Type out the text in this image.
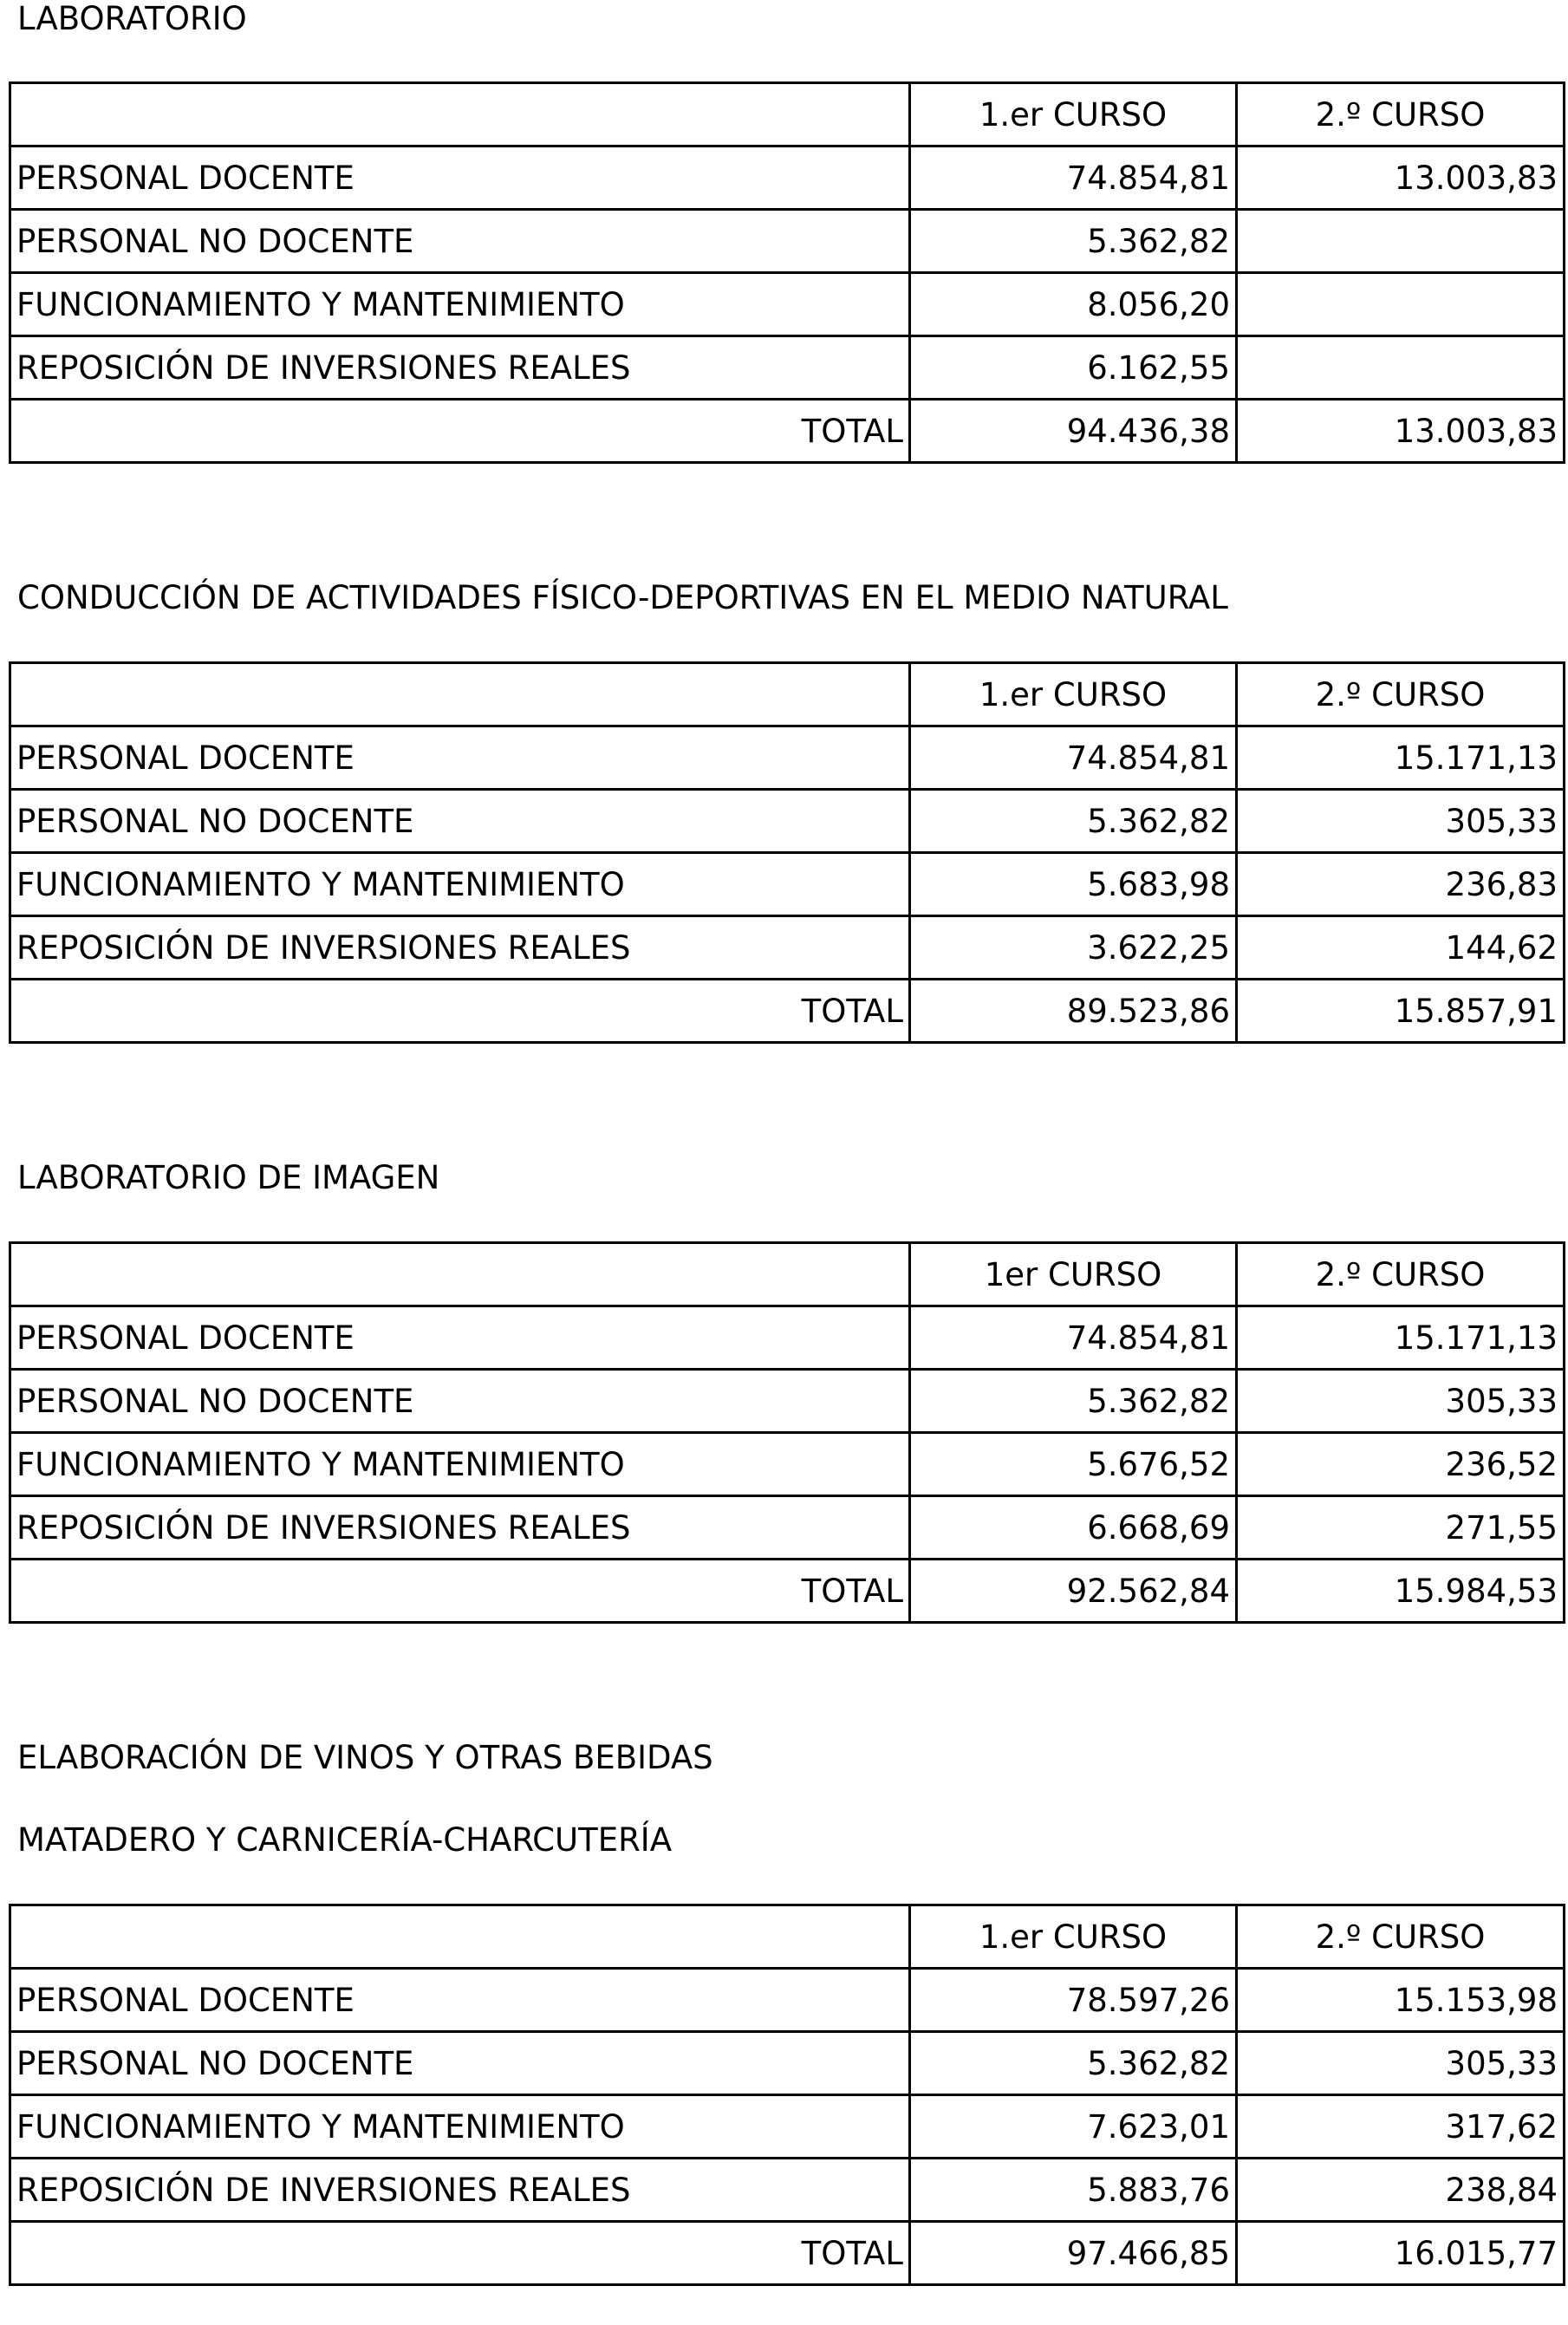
LABORATORIO
	1.er CURSO	2.º CURSO
PERSONAL DOCENTE	74.854,81	13.003,83
PERSONAL NO DOCENTE	5.362,82	
FUNCIONAMIENTO Y MANTENIMIENTO	8.056,20	
REPOSICIÓN DE INVERSIONES REALES	6.162,55	
TOTAL	94.436,38	13.003,83
CONDUCCIÓN DE ACTIVIDADES FÍSICO-DEPORTIVAS EN EL MEDIO NATURAL
	1.er CURSO	2.º CURSO
PERSONAL DOCENTE	74.854,81	15.171,13
PERSONAL NO DOCENTE	5.362,82	305,33
FUNCIONAMIENTO Y MANTENIMIENTO	5.683,98	236,83
REPOSICIÓN DE INVERSIONES REALES	3.622,25	144,62
TOTAL	89.523,86	15.857,91
LABORATORIO DE IMAGEN
	1er CURSO	2.º CURSO
PERSONAL DOCENTE	74.854,81	15.171,13
PERSONAL NO DOCENTE	5.362,82	305,33
FUNCIONAMIENTO Y MANTENIMIENTO	5.676,52	236,52
REPOSICIÓN DE INVERSIONES REALES	6.668,69	271,55
TOTAL	92.562,84	15.984,53
ELABORACIÓN DE VINOS Y OTRAS BEBIDAS
MATADERO Y CARNICERÍA-CHARCUTERÍA
	1.er CURSO	2.º CURSO
PERSONAL DOCENTE	78.597,26	15.153,98
PERSONAL NO DOCENTE	5.362,82	305,33
FUNCIONAMIENTO Y MANTENIMIENTO	7.623,01	317,62
REPOSICIÓN DE INVERSIONES REALES	5.883,76	238,84
TOTAL	97.466,85	16.015,77
